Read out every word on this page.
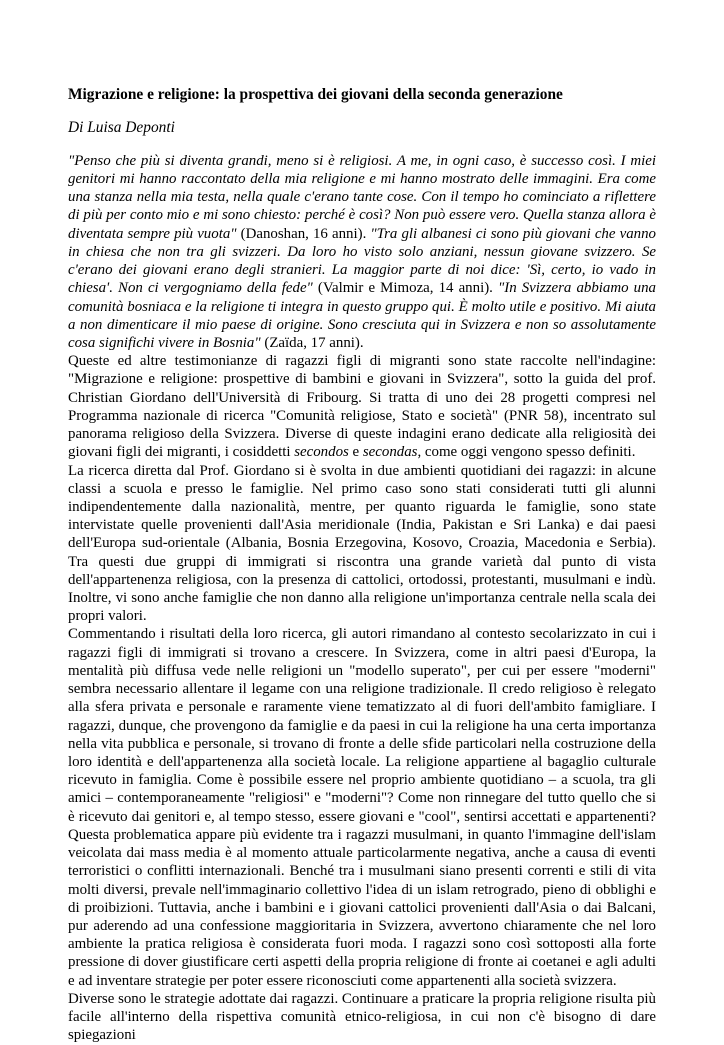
Migrazione e religione: la prospettiva dei giovani della seconda generazione
Di Luisa Deponti

"Penso che più si diventa grandi, meno si è religiosi. A me, in ogni caso, è successo così. I miei genitori mi hanno raccontato della mia religione e mi hanno mostrato delle immagini. Era come una stanza nella mia testa, nella quale c'erano tante cose. Con il tempo ho cominciato a riflettere di più per conto mio e mi sono chiesto: perché è così? Non può essere vero. Quella stanza allora è diventata sempre più vuota" (Danoshan, 16 anni). "Tra gli albanesi ci sono più giovani che vanno in chiesa che non tra gli svizzeri. Da loro ho visto solo anziani, nessun giovane svizzero. Se c'erano dei giovani erano degli stranieri. La maggior parte di noi dice: 'Sì, certo, io vado in chiesa'. Non ci vergogniamo della fede" (Valmir e Mimoza, 14 anni). "In Svizzera abbiamo una comunità bosniaca e la religione ti integra in questo gruppo qui. È molto utile e positivo. Mi aiuta a non dimenticare il mio paese di origine. Sono cresciuta qui in Svizzera e non so assolutamente cosa significhi vivere in Bosnia" (Zaïda, 17 anni).

Queste ed altre testimonianze di ragazzi figli di migranti sono state raccolte nell'indagine: "Migrazione e religione: prospettive di bambini e giovani in Svizzera", sotto la guida del prof. Christian Giordano dell'Università di Fribourg. Si tratta di uno dei 28 progetti compresi nel Programma nazionale di ricerca "Comunità religiose, Stato e società" (PNR 58), incentrato sul panorama religioso della Svizzera. Diverse di queste indagini erano dedicate alla religiosità dei giovani figli dei migranti, i cosiddetti secondos e secondas, come oggi vengono spesso definiti.

La ricerca diretta dal Prof. Giordano si è svolta in due ambienti quotidiani dei ragazzi: in alcune classi a scuola e presso le famiglie. Nel primo caso sono stati considerati tutti gli alunni indipendentemente dalla nazionalità, mentre, per quanto riguarda le famiglie, sono state intervistate quelle provenienti dall'Asia meridionale (India, Pakistan e Sri Lanka) e dai paesi dell'Europa sud-orientale (Albania, Bosnia Erzegovina, Kosovo, Croazia, Macedonia e Serbia). Tra questi due gruppi di immigrati si riscontra una grande varietà dal punto di vista dell'appartenenza religiosa, con la presenza di cattolici, ortodossi, protestanti, musulmani e indù. Inoltre, vi sono anche famiglie che non danno alla religione un'importanza centrale nella scala dei propri valori.

Commentando i risultati della loro ricerca, gli autori rimandano al contesto secolarizzato in cui i ragazzi figli di immigrati si trovano a crescere. In Svizzera, come in altri paesi d'Europa, la mentalità più diffusa vede nelle religioni un "modello superato", per cui per essere "moderni" sembra necessario allentare il legame con una religione tradizionale. Il credo religioso è relegato alla sfera privata e personale e raramente viene tematizzato al di fuori dell'ambito famigliare. I ragazzi, dunque, che provengono da famiglie e da paesi in cui la religione ha una certa importanza nella vita pubblica e personale, si trovano di fronte a delle sfide particolari nella costruzione della loro identità e dell'appartenenza alla società locale. La religione appartiene al bagaglio culturale ricevuto in famiglia. Come è possibile essere nel proprio ambiente quotidiano – a scuola, tra gli amici – contemporaneamente "religiosi" e "moderni"? Come non rinnegare del tutto quello che si è ricevuto dai genitori e, al tempo stesso, essere giovani e "cool", sentirsi accettati e appartenenti? Questa problematica appare più evidente tra i ragazzi musulmani, in quanto l'immagine dell'islam veicolata dai mass media è al momento attuale particolarmente negativa, anche a causa di eventi terroristici o conflitti internazionali. Benché tra i musulmani siano presenti correnti e stili di vita molti diversi, prevale nell'immaginario collettivo l'idea di un islam retrogrado, pieno di obblighi e di proibizioni. Tuttavia, anche i bambini e i giovani cattolici provenienti dall'Asia o dai Balcani, pur aderendo ad una confessione maggioritaria in Svizzera, avvertono chiaramente che nel loro ambiente la pratica religiosa è considerata fuori moda. I ragazzi sono così sottoposti alla forte pressione di dover giustificare certi aspetti della propria religione di fronte ai coetanei e agli adulti e ad inventare strategie per poter essere riconosciuti come appartenenti alla società svizzera.

Diverse sono le strategie adottate dai ragazzi. Continuare a praticare la propria religione risulta più facile all'interno della rispettiva comunità etnico-religiosa, in cui non c'è bisogno di dare spiegazioni
